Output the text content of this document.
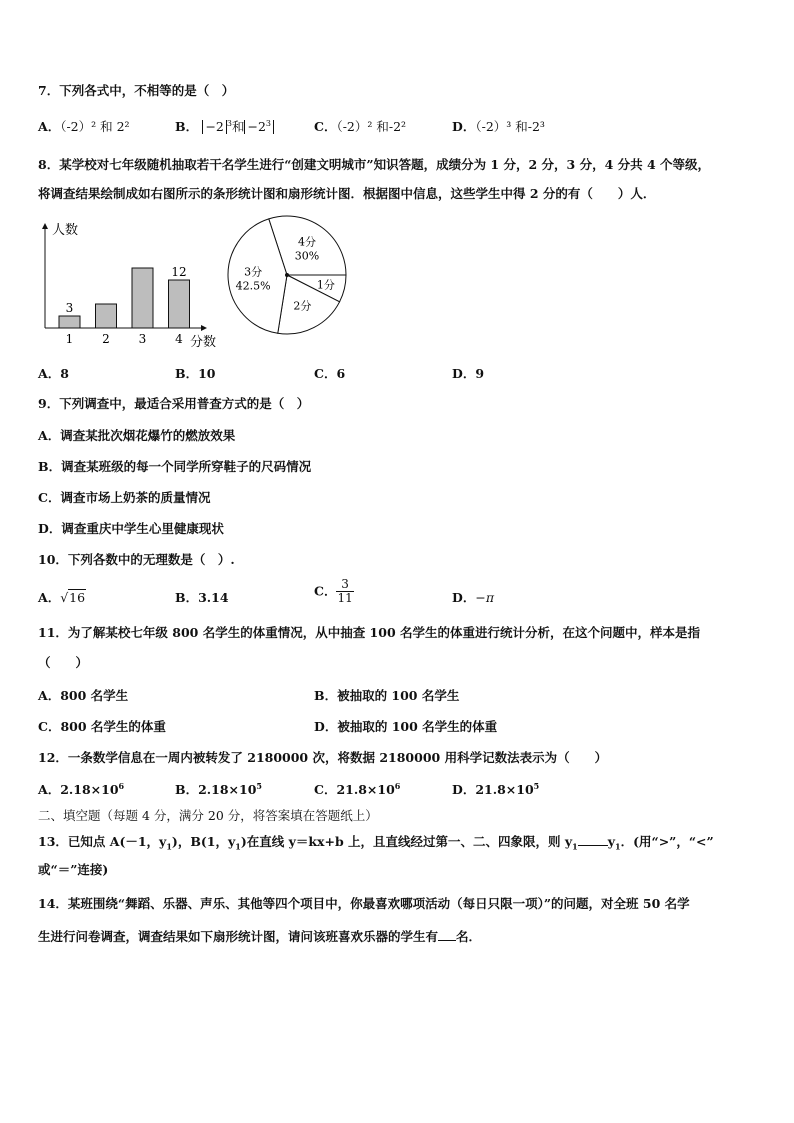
7．下列各式中，不相等的是（　）
A．（-2）² 和 2²	B． −2 $^3$和 $-2^3$	C．（-2）² 和-2²	D．（-2）³ 和-2³
8．某学校对七年级随机抽取若干名学生进行“创建文明城市”知识答题，成绩分为 1 分，2 分，3 分，4 分共 4 个等级，
将调查结果绘制成如右图所示的条形统计图和扇形统计图．根据图中信息，这些学生中得 2 分的有（　　）人．
人数
分数
1
3
2 3 4
12
4分
30%
1分
2分
3分
42.5%
A．8	B．10	C．6	D．9
9．下列调查中，最适合采用普查方式的是（　）
A．调查某批次烟花爆竹的燃放效果
B．调查某班级的每一个同学所穿鞋子的尺码情况
C．调查市场上奶茶的质量情况
D．调查重庆中学生心里健康现状
10．下列各数中的无理数是（　）.
A．√16	B．3.14	C． $\frac{3}{11}$	D．−π
11．为了解某校七年级 800 名学生的体重情况，从中抽查 100 名学生的体重进行统计分析，在这个问题中，样本是指
（　　）
A．800 名学生	B．被抽取的 100 名学生
C．800 名学生的体重	D．被抽取的 100 名学生的体重
12．一条数学信息在一周内被转发了 2180000 次，将数据 2180000 用科学记数法表示为（　　）
A．$2.18\times 10^6$	B．$2.18\times 10^5$	C．$21.8\times 10^6$	D．$21.8\times 10^5$
二、填空题（每题 4 分，满分 20 分，将答案填在答题纸上）
13．已知点 A(－1，$y_1$)，B(1，$y_1$)在直线 y＝kx+b 上，且直线经过第一、二、四象限，则 $y_1$ $y_1$．(用“>”，“<”
或“＝”连接)
14．某班围绕“舞蹈、乐器、声乐、其他等四个项目中，你最喜欢哪项活动（每日只限一项）”的问题，对全班 50 名学
生进行问卷调查，调查结果如下扇形统计图，请问该班喜欢乐器的学生有 名．
